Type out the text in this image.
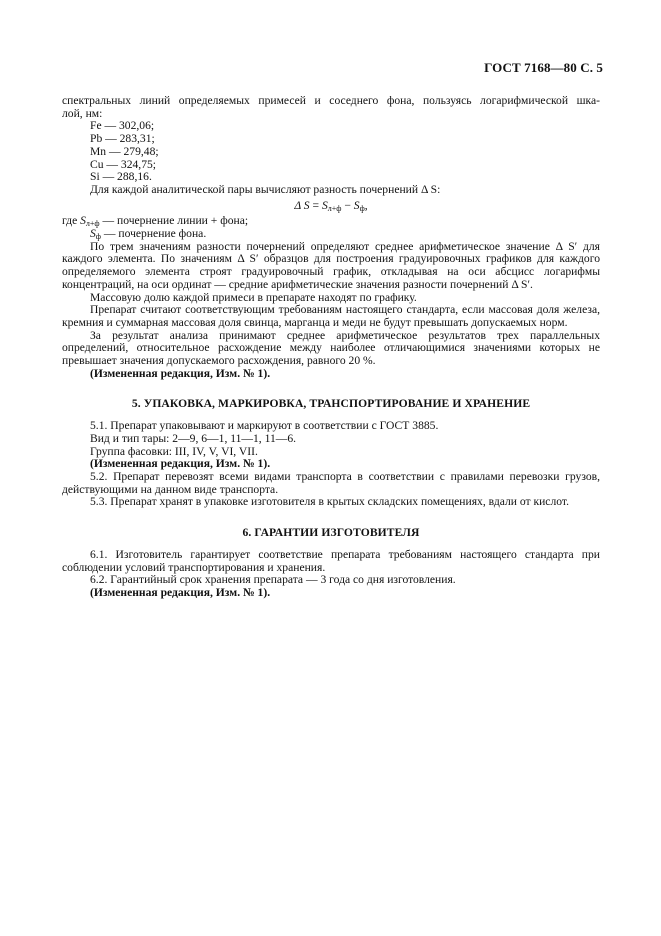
ГОСТ 7168—80 С. 5

спектральных линий определяемых примесей и соседнего фона, пользуясь логарифмической шка-

лой, нм:

Fe — 302,06;

Pb — 283,31;

Mn — 279,48;

Cu — 324,75;

Si — 288,16.

Для каждой аналитической пары вычисляют разность почернений Δ S:

Δ $S = S_{л+ф} - S_ф$,

где $S_{л+ф}$ — почернение линии + фона;

$S_ф$ — почернение фона.

По трем значениям разности почернений определяют среднее арифметическое значение Δ S′ для каждого элемента. По значениям Δ S′ образцов для построения градуировочных графиков для каждого определяемого элемента строят градуировочный график, откладывая на оси абсцисс логарифмы концентраций, на оси ординат — средние арифметические значения разности почернений Δ S′.

Массовую долю каждой примеси в препарате находят по графику.

Препарат считают соответствующим требованиям настоящего стандарта, если массовая доля железа, кремния и суммарная массовая доля свинца, марганца и меди не будут превышать допускаемых норм.

За результат анализа принимают среднее арифметическое результатов трех параллельных определений, относительное расхождение между наиболее отличающимися значениями которых не превышает значения допускаемого расхождения, равного 20 %.

(Измененная редакция, Изм. № 1).

5. УПАКОВКА, МАРКИРОВКА, ТРАНСПОРТИРОВАНИЕ И ХРАНЕНИЕ

5.1. Препарат упаковывают и маркируют в соответствии с ГОСТ 3885.

Вид и тип тары: 2—9, 6—1, 11—1, 11—6.

Группа фасовки: III, IV, V, VI, VII.

(Измененная редакция, Изм. № 1).

5.2. Препарат перевозят всеми видами транспорта в соответствии с правилами перевозки грузов, действующими на данном виде транспорта.

5.3. Препарат хранят в упаковке изготовителя в крытых складских помещениях, вдали от кислот.

6. ГАРАНТИИ ИЗГОТОВИТЕЛЯ

6.1. Изготовитель гарантирует соответствие препарата требованиям настоящего стандарта при соблюдении условий транспортирования и хранения.

6.2. Гарантийный срок хранения препарата — 3 года со дня изготовления.

(Измененная редакция, Изм. № 1).
